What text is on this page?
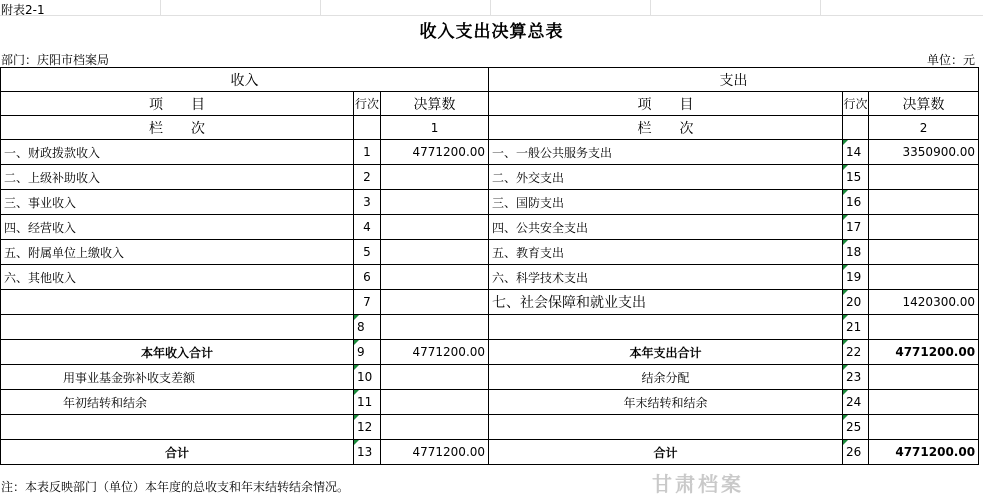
附表2-1
收入支出决算总表
部门：庆阳市档案局	单位：元
收入			支出		
项　　目	行次	决算数	项　　目	行次	决算数
栏　　次		1	栏　　次		2
一、财政拨款收入	1	4771200.00	一、一般公共服务支出	14	3350900.00
二、上级补助收入	2		二、外交支出	15	
三、事业收入	3		三、国防支出	16	
四、经营收入	4		四、公共安全支出	17	
五、附属单位上缴收入	5		五、教育支出	18	
六、其他收入	6		六、科学技术支出	19	
	7		七、社会保障和就业支出	20	1420300.00
	8			21	
本年收入合计	9	4771200.00	本年支出合计	22	4771200.00
用事业基金弥补收支差额	10		结余分配	23	
年初结转和结余	11		年末结转和结余	24	
	12			25	
合计	13	4771200.00	合计	26	4771200.00
注：本表反映部门（单位）本年度的总收支和年末结转结余情况。	甘肃档案
